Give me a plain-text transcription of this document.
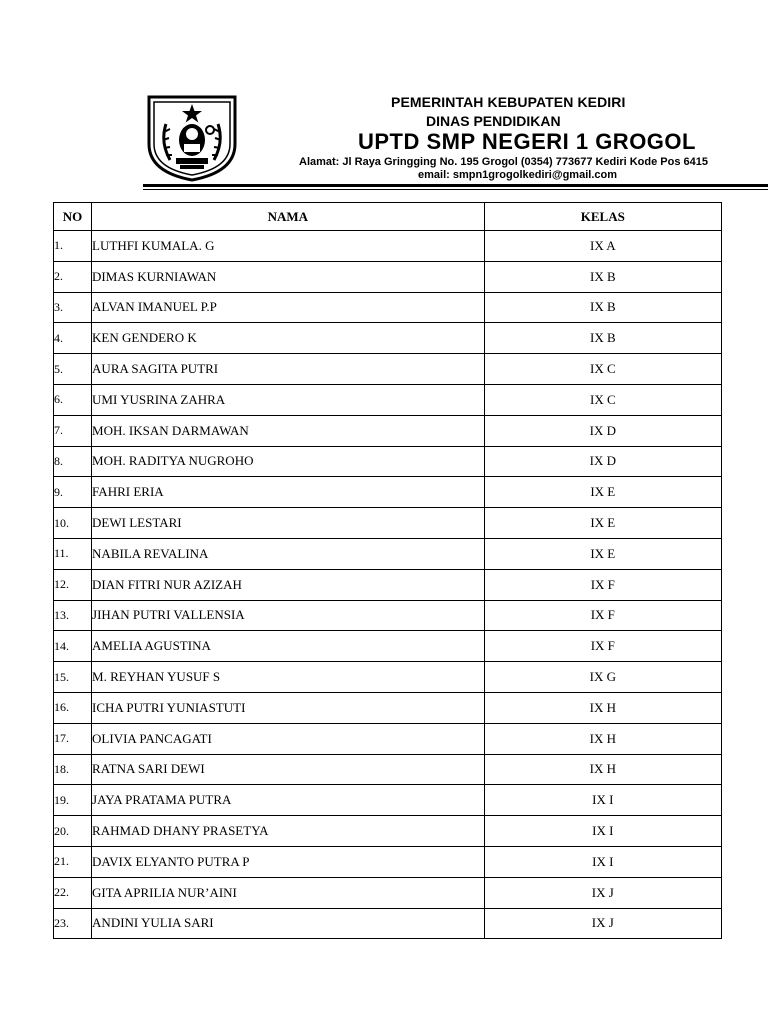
PEMERINTAH KEBUPATEN KEDIRI
DINAS PENDIDIKAN
UPTD SMP NEGERI 1 GROGOL
Alamat: Jl Raya Gringging No. 195 Grogol (0354) 773677 Kediri Kode Pos 6415
email: smpn1grogolkediri@gmail.com
NO	NAMA	KELAS
1.	LUTHFI KUMALA. G	IX A
2.	DIMAS KURNIAWAN	IX B
3.	ALVAN IMANUEL P.P	IX B
4.	KEN GENDERO K	IX B
5.	AURA SAGITA PUTRI	IX C
6.	UMI YUSRINA ZAHRA	IX C
7.	MOH. IKSAN DARMAWAN	IX D
8.	MOH. RADITYA NUGROHO	IX D
9.	FAHRI ERIA	IX E
10.	DEWI LESTARI	IX E
11.	NABILA REVALINA	IX E
12.	DIAN FITRI NUR AZIZAH	IX F
13.	JIHAN PUTRI VALLENSIA	IX F
14.	AMELIA AGUSTINA	IX F
15.	M. REYHAN YUSUF S	IX G
16.	ICHA PUTRI YUNIASTUTI	IX H
17.	OLIVIA PANCAGATI	IX H
18.	RATNA SARI DEWI	IX H
19.	JAYA PRATAMA PUTRA	IX I
20.	RAHMAD DHANY PRASETYA	IX I
21.	DAVIX ELYANTO PUTRA P	IX I
22.	GITA APRILIA NUR’AINI	IX J
23.	ANDINI YULIA SARI	IX J
